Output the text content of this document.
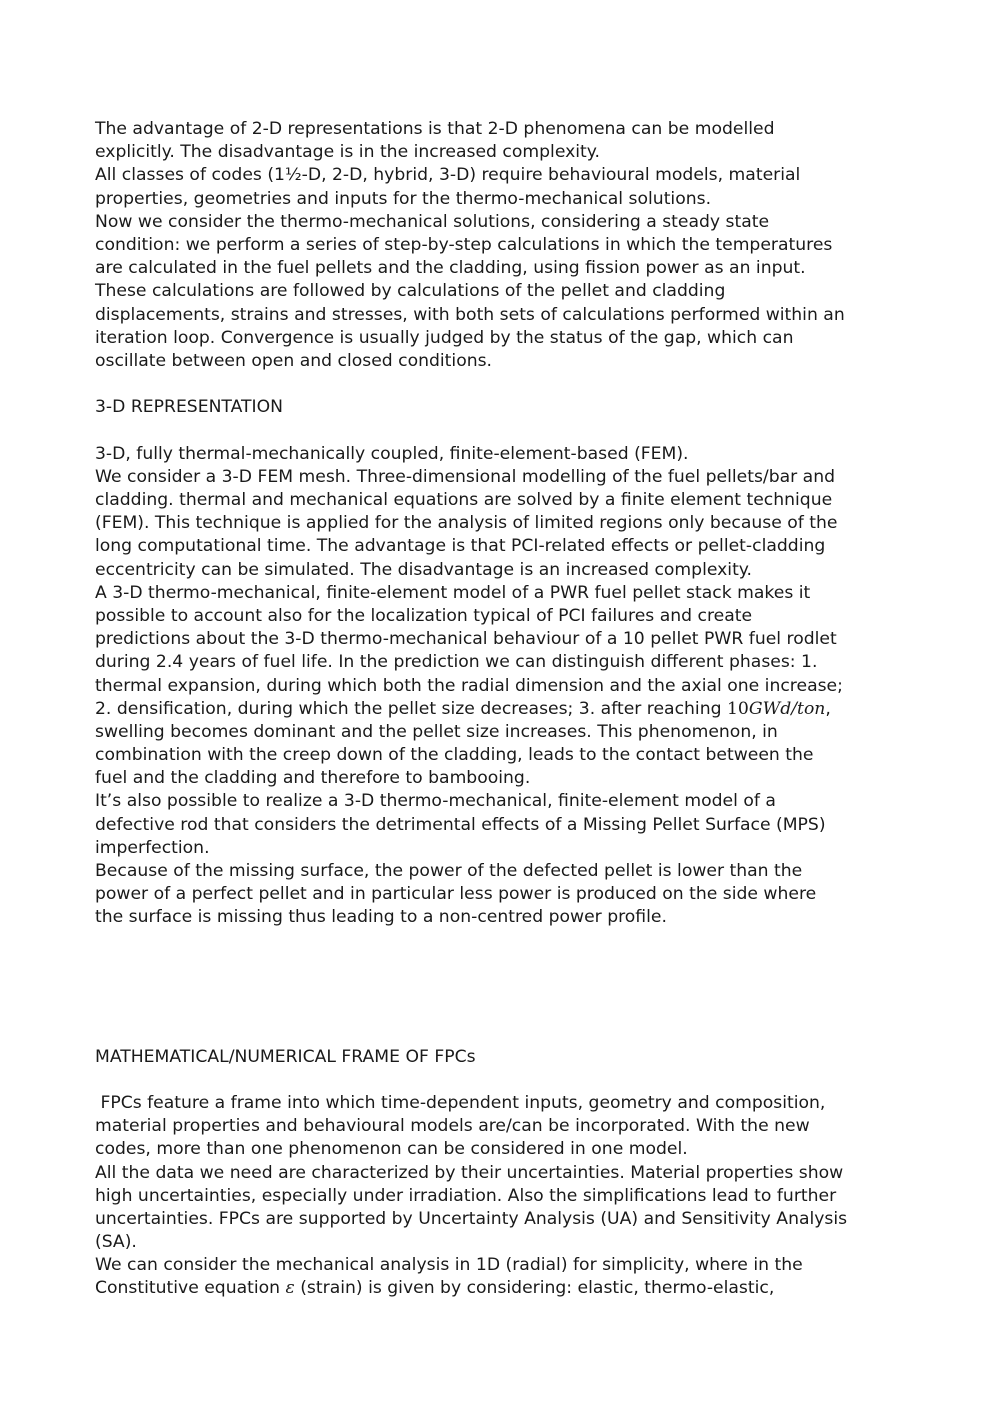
The advantage of 2-D representations is that 2-D phenomena can be modelled
explicitly. The disadvantage is in the increased complexity.
All classes of codes (1½-D, 2-D, hybrid, 3-D) require behavioural models, material
properties, geometries and inputs for the thermo-mechanical solutions.
Now we consider the thermo-mechanical solutions, considering a steady state
condition: we perform a series of step-by-step calculations in which the temperatures
are calculated in the fuel pellets and the cladding, using fission power as an input.
These calculations are followed by calculations of the pellet and cladding
displacements, strains and stresses, with both sets of calculations performed within an
iteration loop. Convergence is usually judged by the status of the gap, which can
oscillate between open and closed conditions.
3-D REPRESENTATION
3-D, fully thermal-mechanically coupled, finite-element-based (FEM).
We consider a 3-D FEM mesh. Three-dimensional modelling of the fuel pellets/bar and
cladding. thermal and mechanical equations are solved by a finite element technique
(FEM). This technique is applied for the analysis of limited regions only because of the
long computational time. The advantage is that PCI-related effects or pellet-cladding
eccentricity can be simulated. The disadvantage is an increased complexity.
A 3-D thermo-mechanical, finite-element model of a PWR fuel pellet stack makes it
possible to account also for the localization typical of PCI failures and create
predictions about the 3-D thermo-mechanical behaviour of a 10 pellet PWR fuel rodlet
during 2.4 years of fuel life. In the prediction we can distinguish different phases: 1.
thermal expansion, during which both the radial dimension and the axial one increase;
2. densification, during which the pellet size decreases; 3. after reaching 10GWd/ton,
swelling becomes dominant and the pellet size increases. This phenomenon, in
combination with the creep down of the cladding, leads to the contact between the
fuel and the cladding and therefore to bambooing.
It’s also possible to realize a 3-D thermo-mechanical, finite-element model of a
defective rod that considers the detrimental effects of a Missing Pellet Surface (MPS)
imperfection.
Because of the missing surface, the power of the defected pellet is lower than the
power of a perfect pellet and in particular less power is produced on the side where
the surface is missing thus leading to a non-centred power profile.
MATHEMATICAL/NUMERICAL FRAME OF FPCs
FPCs feature a frame into which time-dependent inputs, geometry and composition,
material properties and behavioural models are/can be incorporated. With the new
codes, more than one phenomenon can be considered in one model.
All the data we need are characterized by their uncertainties. Material properties show
high uncertainties, especially under irradiation. Also the simplifications lead to further
uncertainties. FPCs are supported by Uncertainty Analysis (UA) and Sensitivity Analysis
(SA).
We can consider the mechanical analysis in 1D (radial) for simplicity, where in the
Constitutive equation ε (strain) is given by considering: elastic, thermo-elastic,
